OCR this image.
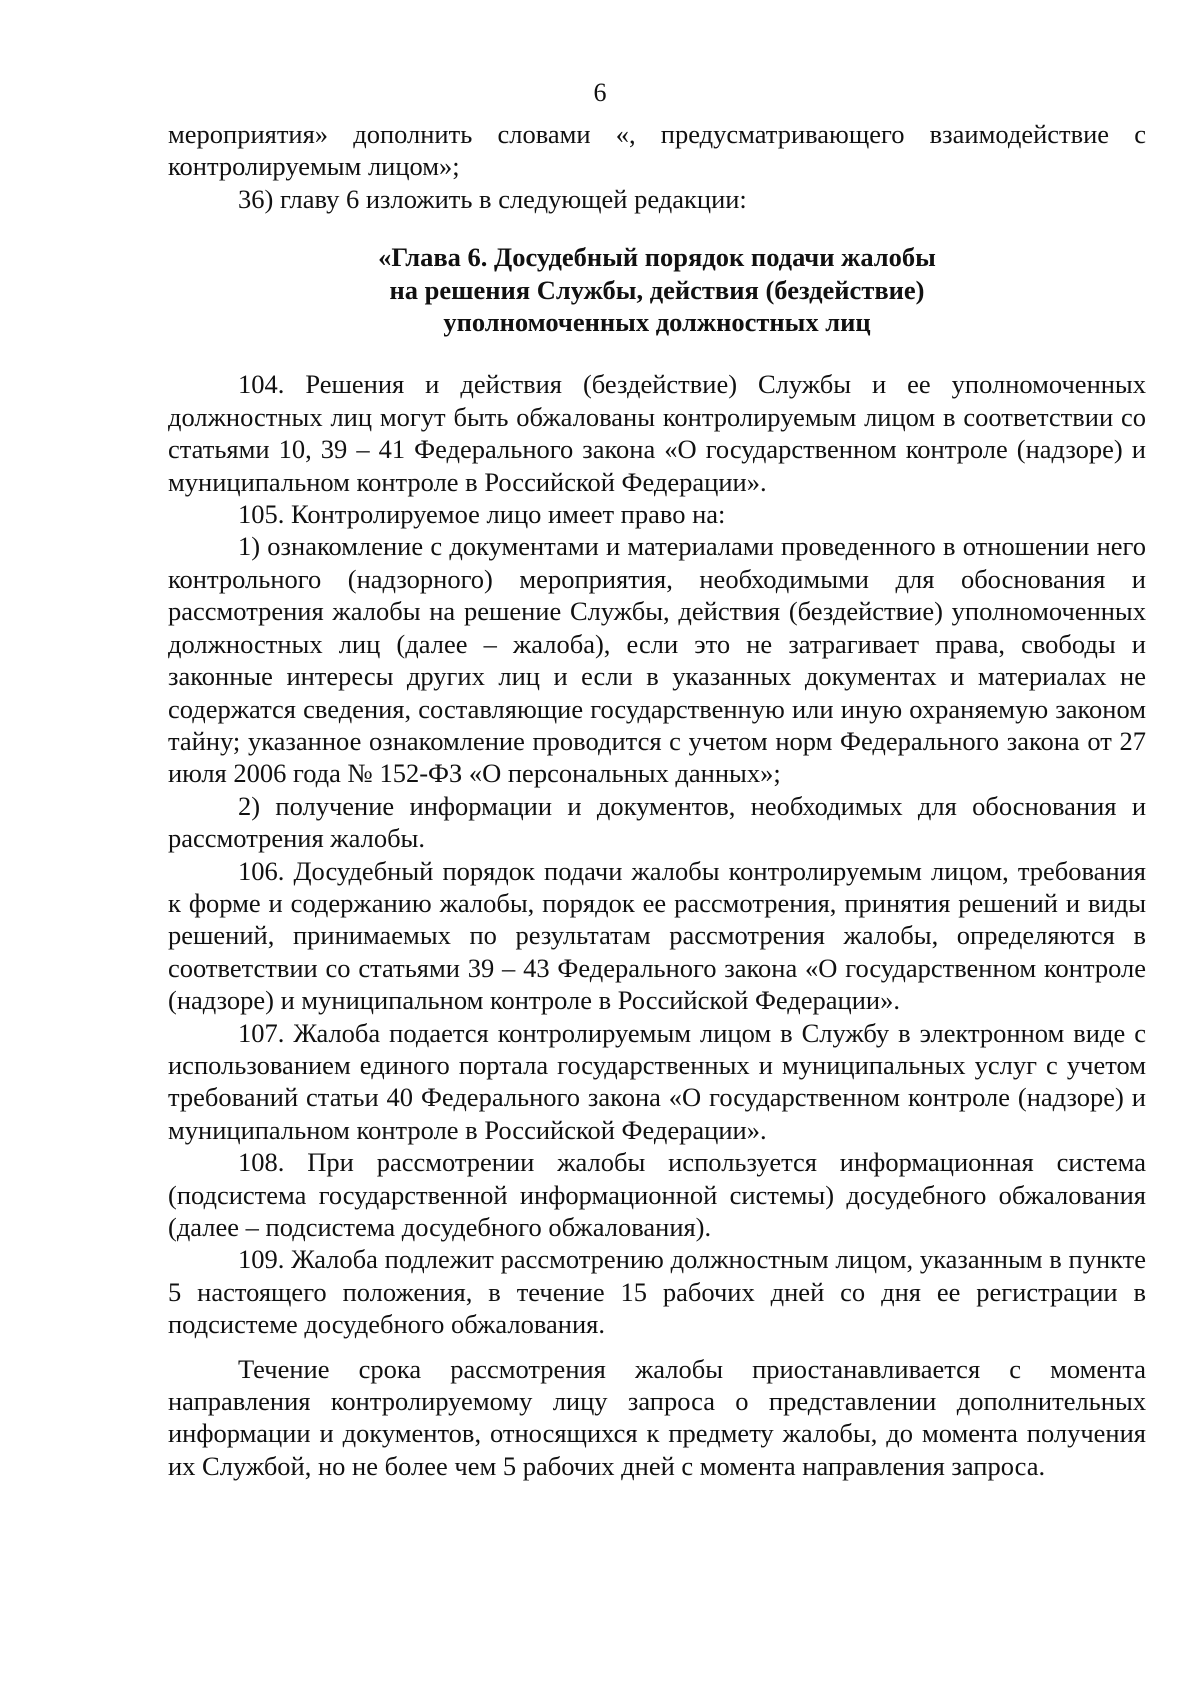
6

мероприятия» дополнить словами «, предусматривающего взаимодействие с контролируемым лицом»;

36) главу 6 изложить в следующей редакции:

«Глава 6. Досудебный порядок подачи жалобы
на решения Службы, действия (бездействие)
уполномоченных должностных лиц

104. Решения и действия (бездействие) Службы и ее уполномоченных должностных лиц могут быть обжалованы контролируемым лицом в соответствии со статьями 10, 39 – 41 Федерального закона «О государственном контроле (надзоре) и муниципальном контроле в Российской Федерации».

105. Контролируемое лицо имеет право на:

1) ознакомление с документами и материалами проведенного в отношении него контрольного (надзорного) мероприятия, необходимыми для обоснования и рассмотрения жалобы на решение Службы, действия (бездействие) уполномоченных должностных лиц (далее – жалоба), если это не затрагивает права, свободы и законные интересы других лиц и если в указанных документах и материалах не содержатся сведения, составляющие государственную или иную охраняемую законом тайну; указанное ознакомление проводится с учетом норм Федерального закона от 27 июля 2006 года № 152-ФЗ «О персональных данных»;

2) получение информации и документов, необходимых для обоснования и рассмотрения жалобы.

106. Досудебный порядок подачи жалобы контролируемым лицом, требования к форме и содержанию жалобы, порядок ее рассмотрения, принятия решений и виды решений, принимаемых по результатам рассмотрения жалобы, определяются в соответствии со статьями 39 – 43 Федерального закона «О государственном контроле (надзоре) и муниципальном контроле в Российской Федерации».

107. Жалоба подается контролируемым лицом в Службу в электронном виде с использованием единого портала государственных и муниципальных услуг с учетом требований статьи 40 Федерального закона «О государственном контроле (надзоре) и муниципальном контроле в Российской Федерации».

108. При рассмотрении жалобы используется информационная система (подсистема государственной информационной системы) досудебного обжалования (далее – подсистема досудебного обжалования).

109. Жалоба подлежит рассмотрению должностным лицом, указанным в пункте 5 настоящего положения, в течение 15 рабочих дней со дня ее регистрации в подсистеме досудебного обжалования.

Течение срока рассмотрения жалобы приостанавливается с момента направления контролируемому лицу запроса о представлении дополнительных информации и документов, относящихся к предмету жалобы, до момента получения их Службой, но не более чем 5 рабочих дней с момента направления запроса.
